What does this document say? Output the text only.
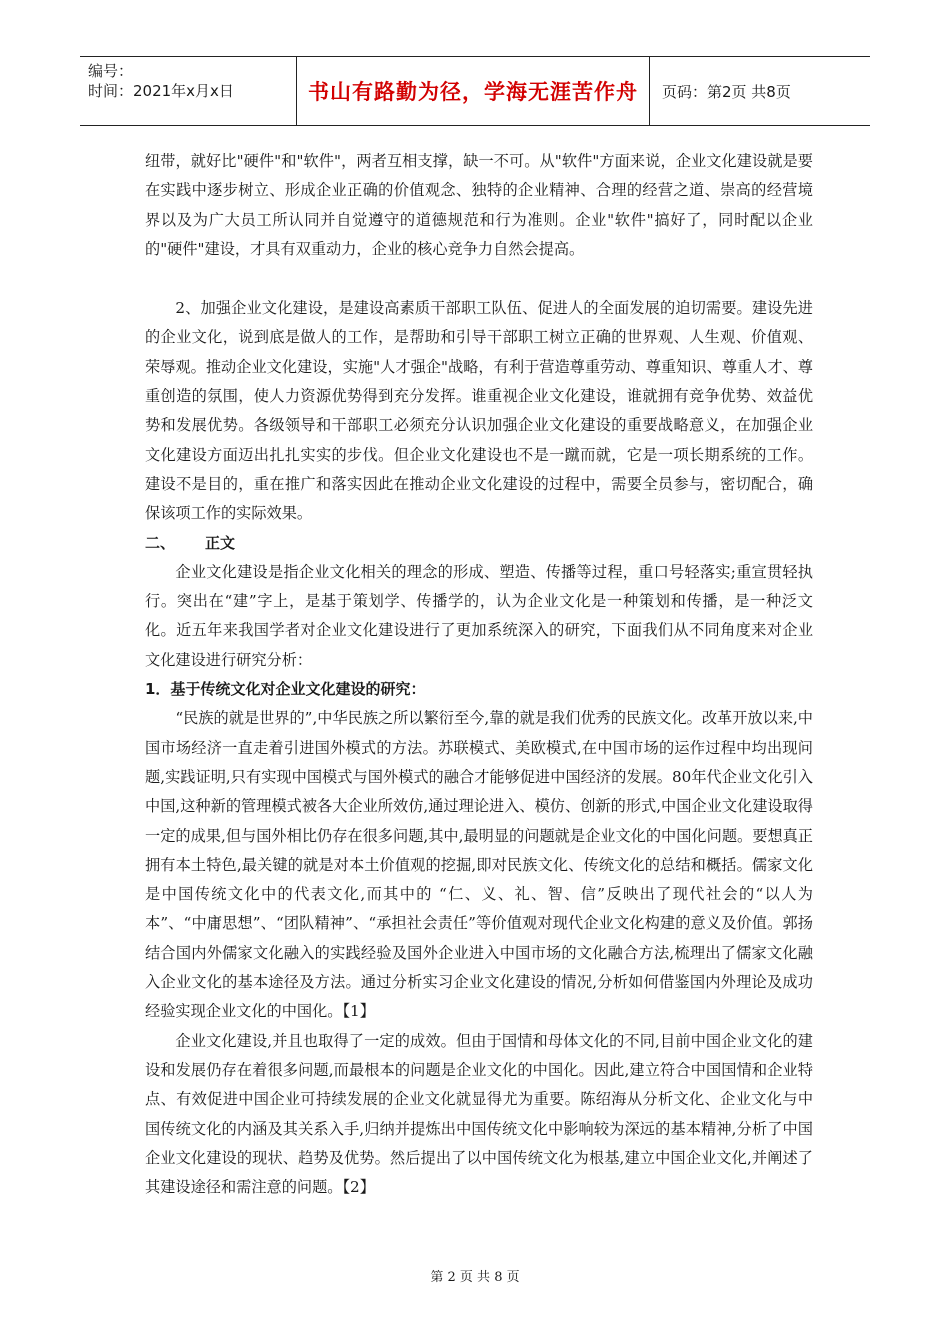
编号：
时间：2021年x月x日	书山有路勤为径，学海无涯苦作舟	页码：第2页 共8页

纽带，就好比"硬件"和"软件"，两者互相支撑，缺一不可。从"软件"方面来说，企业文化建设就是要在实践中逐步树立、形成企业正确的价值观念、独特的企业精神、合理的经营之道、崇高的经营境界以及为广大员工所认同并自觉遵守的道德规范和行为准则。企业"软件"搞好了，同时配以企业的"硬件"建设，才具有双重动力，企业的核心竞争力自然会提高。

2、加强企业文化建设，是建设高素质干部职工队伍、促进人的全面发展的迫切需要。建设先进的企业文化，说到底是做人的工作，是帮助和引导干部职工树立正确的世界观、人生观、价值观、荣辱观。推动企业文化建设，实施"人才强企"战略，有利于营造尊重劳动、尊重知识、尊重人才、尊重创造的氛围，使人力资源优势得到充分发挥。谁重视企业文化建设，谁就拥有竞争优势、效益优势和发展优势。各级领导和干部职工必须充分认识加强企业文化建设的重要战略意义，在加强企业文化建设方面迈出扎扎实实的步伐。但企业文化建设也不是一蹴而就，它是一项长期系统的工作。建设不是目的，重在推广和落实因此在推动企业文化建设的过程中，需要全员参与，密切配合，确保该项工作的实际效果。

二、 正文

企业文化建设是指企业文化相关的理念的形成、塑造、传播等过程，重口号轻落实;重宣贯轻执行。突出在“建”字上，是基于策划学、传播学的，认为企业文化是一种策划和传播，是一种泛文化。近五年来我国学者对企业文化建设进行了更加系统深入的研究，下面我们从不同角度来对企业文化建设进行研究分析：

1．基于传统文化对企业文化建设的研究：

“民族的就是世界的”,中华民族之所以繁衍至今,靠的就是我们优秀的民族文化。改革开放以来,中国市场经济一直走着引进国外模式的方法。苏联模式、美欧模式,在中国市场的运作过程中均出现问题,实践证明,只有实现中国模式与国外模式的融合才能够促进中国经济的发展。80年代企业文化引入中国,这种新的管理模式被各大企业所效仿,通过理论进入、模仿、创新的形式,中国企业文化建设取得一定的成果,但与国外相比仍存在很多问题,其中,最明显的问题就是企业文化的中国化问题。要想真正拥有本土特色,最关键的就是对本土价值观的挖掘,即对民族文化、传统文化的总结和概括。儒家文化是中国传统文化中的代表文化,而其中的 “仁、义、礼、智、信”反映出了现代社会的“以人为本”、“中庸思想”、“团队精神”、“承担社会责任”等价值观对现代企业文化构建的意义及价值。郭扬结合国内外儒家文化融入的实践经验及国外企业进入中国市场的文化融合方法,梳理出了儒家文化融入企业文化的基本途径及方法。通过分析实习企业文化建设的情况,分析如何借鉴国内外理论及成功经验实现企业文化的中国化。【1】

企业文化建设,并且也取得了一定的成效。但由于国情和母体文化的不同,目前中国企业文化的建设和发展仍存在着很多问题,而最根本的问题是企业文化的中国化。因此,建立符合中国国情和企业特点、有效促进中国企业可持续发展的企业文化就显得尤为重要。陈绍海从分析文化、企业文化与中国传统文化的内涵及其关系入手,归纳并提炼出中国传统文化中影响较为深远的基本精神,分析了中国企业文化建设的现状、趋势及优势。然后提出了以中国传统文化为根基,建立中国企业文化,并阐述了其建设途径和需注意的问题。【2】

第 2 页 共 8 页
